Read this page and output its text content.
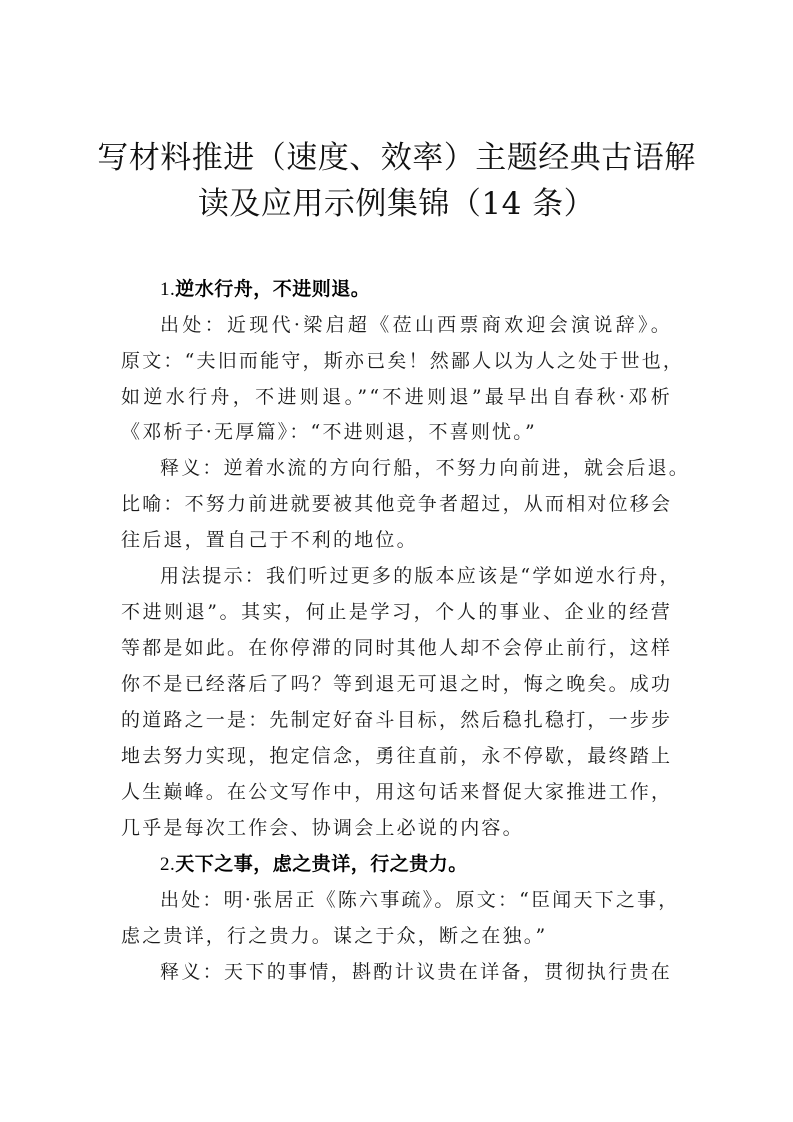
写材料推进（速度、效率）主题经典古语解
读及应用示例集锦（14 条）
1.逆水行舟，不进则退。
出处：近现代·梁启超《莅山西票商欢迎会演说辞》。
原文：“夫旧而能守，斯亦已矣！然鄙人以为人之处于世也，
如逆水行舟，不进则退。”“不进则退”最早出自春秋·邓析
《邓析子·无厚篇》：“不进则退，不喜则忧。”
释义：逆着水流的方向行船，不努力向前进，就会后退。
比喻：不努力前进就要被其他竞争者超过，从而相对位移会
往后退，置自己于不利的地位。
用法提示：我们听过更多的版本应该是“学如逆水行舟，
不进则退”。其实，何止是学习，个人的事业、企业的经营
等都是如此。在你停滞的同时其他人却不会停止前行，这样
你不是已经落后了吗？等到退无可退之时，悔之晚矣。成功
的道路之一是：先制定好奋斗目标，然后稳扎稳打，一步步
地去努力实现，抱定信念，勇往直前，永不停歇，最终踏上
人生巅峰。在公文写作中，用这句话来督促大家推进工作，
几乎是每次工作会、协调会上必说的内容。
2.天下之事，虑之贵详，行之贵力。
出处：明·张居正《陈六事疏》。原文：“臣闻天下之事，
虑之贵详，行之贵力。谋之于众，断之在独。”
释义：天下的事情，斟酌计议贵在详备，贯彻执行贵在
